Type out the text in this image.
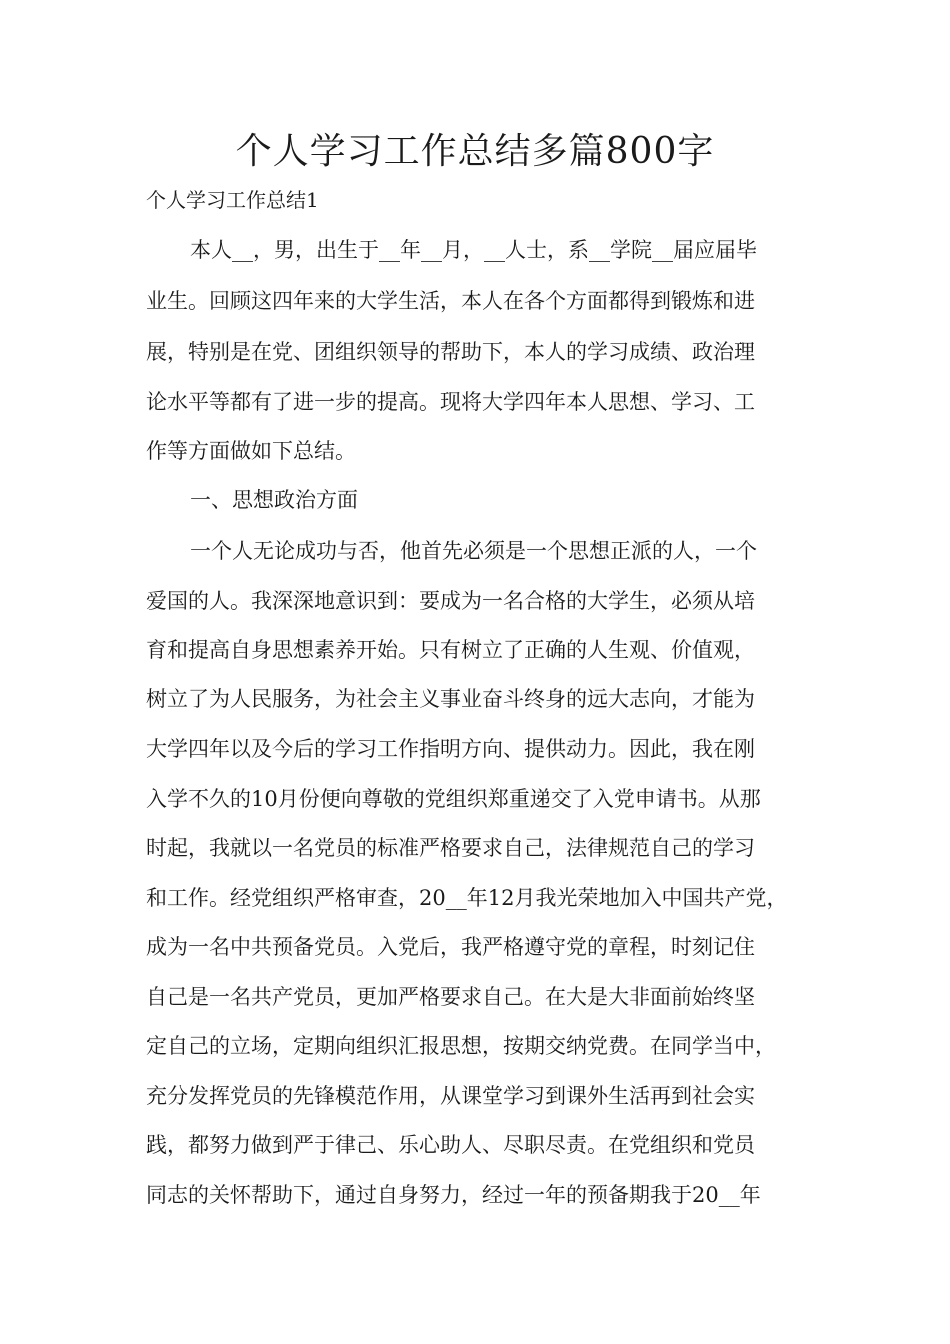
个人学习工作总结多篇800字

个人学习工作总结1

本人__，男，出生于__年__月，__人士，系__学院__届应届毕

业生。回顾这四年来的大学生活，本人在各个方面都得到锻炼和进

展，特别是在党、团组织领导的帮助下，本人的学习成绩、政治理

论水平等都有了进一步的提高。现将大学四年本人思想、学习、工

作等方面做如下总结。

一、思想政治方面

一个人无论成功与否，他首先必须是一个思想正派的人，一个

爱国的人。我深深地意识到：要成为一名合格的大学生，必须从培

育和提高自身思想素养开始。只有树立了正确的人生观、价值观，

树立了为人民服务，为社会主义事业奋斗终身的远大志向，才能为

大学四年以及今后的学习工作指明方向、提供动力。因此，我在刚

入学不久的10月份便向尊敬的党组织郑重递交了入党申请书。从那

时起，我就以一名党员的标准严格要求自己，法律规范自己的学习

和工作。经党组织严格审查，20__年12月我光荣地加入中国共产党，

成为一名中共预备党员。入党后，我严格遵守党的章程，时刻记住

自己是一名共产党员，更加严格要求自己。在大是大非面前始终坚

定自己的立场，定期向组织汇报思想，按期交纳党费。在同学当中，

充分发挥党员的先锋模范作用，从课堂学习到课外生活再到社会实

践，都努力做到严于律己、乐心助人、尽职尽责。在党组织和党员

同志的关怀帮助下，通过自身努力，经过一年的预备期我于20__年
